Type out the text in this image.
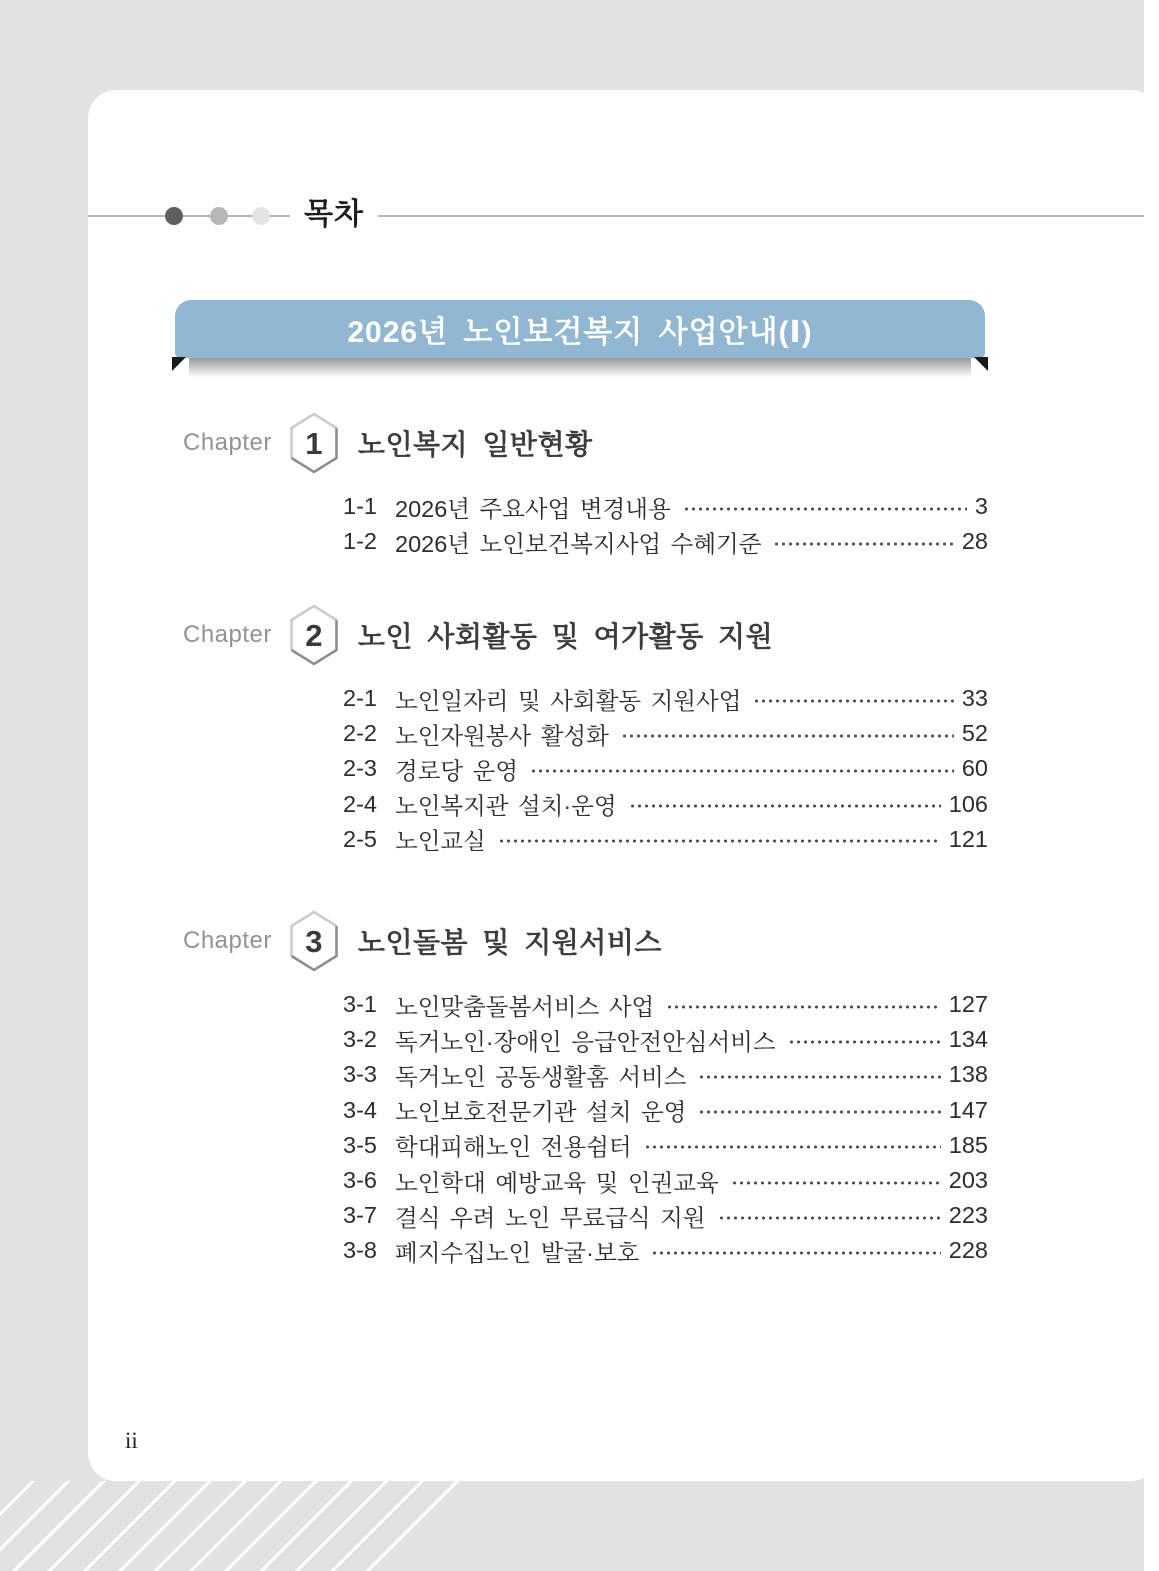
목차
2026년 노인보건복지 사업안내(Ⅰ)
Chapter	1	노인복지 일반현황
1-1 2026년 주요사업 변경내용	3
1-2 2026년 노인보건복지사업 수혜기준	28
Chapter	2	노인 사회활동 및 여가활동 지원
2-1 노인일자리 및 사회활동 지원사업	33
2-2 노인자원봉사 활성화	52
2-3 경로당 운영	60
2-4 노인복지관 설치·운영	106
2-5 노인교실	121
Chapter	3	노인돌봄 및 지원서비스
3-1 노인맞춤돌봄서비스 사업	127
3-2 독거노인·장애인 응급안전안심서비스	134
3-3 독거노인 공동생활홈 서비스	138
3-4 노인보호전문기관 설치 운영	147
3-5 학대피해노인 전용쉼터	185
3-6 노인학대 예방교육 및 인권교육	203
3-7 결식 우려 노인 무료급식 지원	223
3-8 폐지수집노인 발굴·보호	228
ii
